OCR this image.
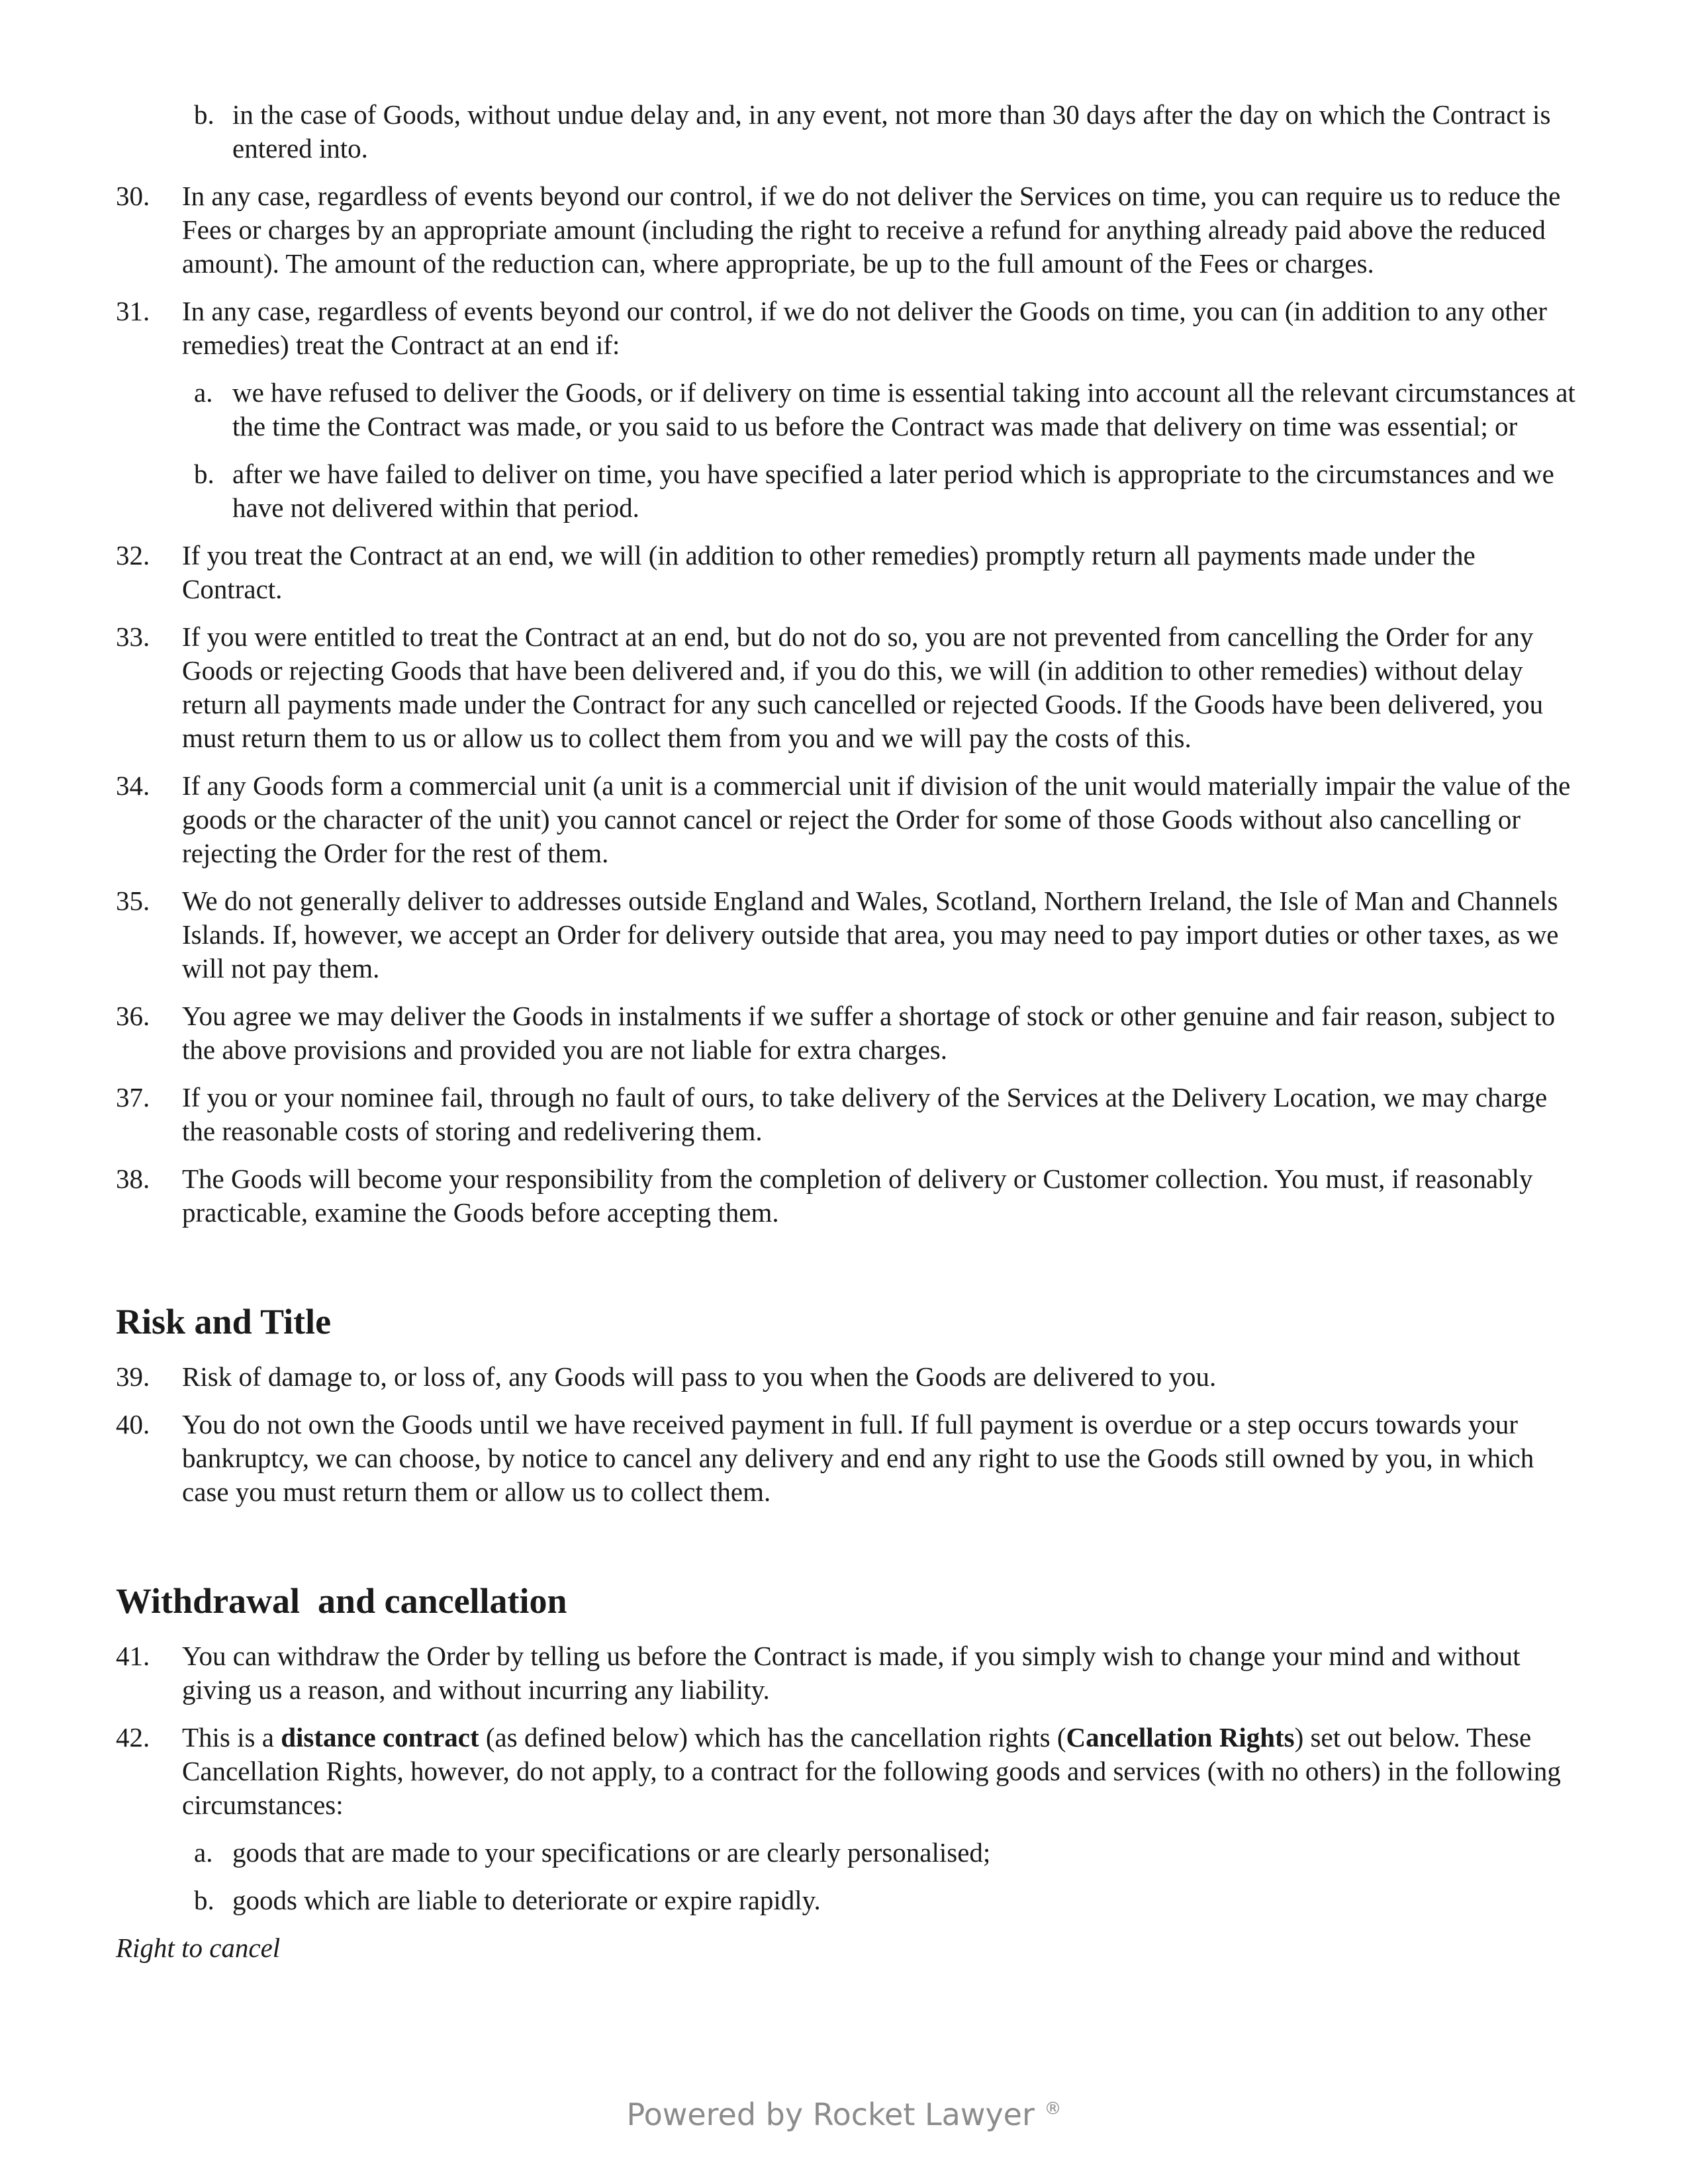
b. in the case of Goods, without undue delay and, in any event, not more than 30 days after the day on which the Contract is entered into.
30.	In any case, regardless of events beyond our control, if we do not deliver the Services on time, you can require us to reduce the Fees or charges by an appropriate amount (including the right to receive a refund for anything already paid above the reduced amount). The amount of the reduction can, where appropriate, be up to the full amount of the Fees or charges.
31.	In any case, regardless of events beyond our control, if we do not deliver the Goods on time, you can (in addition to any other remedies) treat the Contract at an end if:
a. we have refused to deliver the Goods, or if delivery on time is essential taking into account all the relevant circumstances at the time the Contract was made, or you said to us before the Contract was made that delivery on time was essential; or
b. after we have failed to deliver on time, you have specified a later period which is appropriate to the circumstances and we have not delivered within that period.
32.	If you treat the Contract at an end, we will (in addition to other remedies) promptly return all payments made under the Contract.
33.	If you were entitled to treat the Contract at an end, but do not do so, you are not prevented from cancelling the Order for any Goods or rejecting Goods that have been delivered and, if you do this, we will (in addition to other remedies) without delay return all payments made under the Contract for any such cancelled or rejected Goods. If the Goods have been delivered, you must return them to us or allow us to collect them from you and we will pay the costs of this.
34.	If any Goods form a commercial unit (a unit is a commercial unit if division of the unit would materially impair the value of the goods or the character of the unit) you cannot cancel or reject the Order for some of those Goods without also cancelling or rejecting the Order for the rest of them.
35.	We do not generally deliver to addresses outside England and Wales, Scotland, Northern Ireland, the Isle of Man and Channels Islands. If, however, we accept an Order for delivery outside that area, you may need to pay import duties or other taxes, as we will not pay them.
36.	You agree we may deliver the Goods in instalments if we suffer a shortage of stock or other genuine and fair reason, subject to the above provisions and provided you are not liable for extra charges.
37.	If you or your nominee fail, through no fault of ours, to take delivery of the Services at the Delivery Location, we may charge the reasonable costs of storing and redelivering them.
38.	The Goods will become your responsibility from the completion of delivery or Customer collection. You must, if reasonably practicable, examine the Goods before accepting them.
Risk and Title
39.	Risk of damage to, or loss of, any Goods will pass to you when the Goods are delivered to you.
40.	You do not own the Goods until we have received payment in full. If full payment is overdue or a step occurs towards your bankruptcy, we can choose, by notice to cancel any delivery and end any right to use the Goods still owned by you, in which case you must return them or allow us to collect them.
Withdrawal  and cancellation
41.	You can withdraw the Order by telling us before the Contract is made, if you simply wish to change your mind and without giving us a reason, and without incurring any liability.
42.	This is a distance contract (as defined below) which has the cancellation rights (Cancellation Rights) set out below. These Cancellation Rights, however, do not apply, to a contract for the following goods and services (with no others) in the following circumstances:
a. goods that are made to your specifications or are clearly personalised;
b. goods which are liable to deteriorate or expire rapidly.
Right to cancel
Powered by Rocket Lawyer ®
